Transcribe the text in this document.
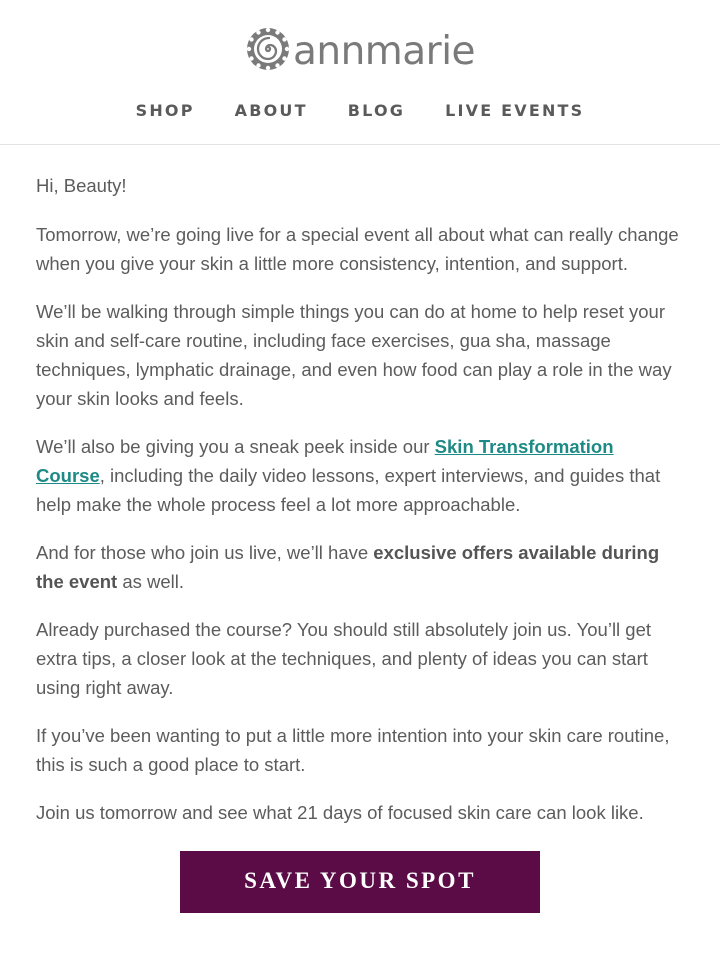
annmarie
SHOP	ABOUT	BLOG	LIVE EVENTS

Hi, Beauty!

Tomorrow, we’re going live for a special event all about what can really change when you give your skin a little more consistency, intention, and support.

We’ll be walking through simple things you can do at home to help reset your skin and self-care routine, including face exercises, gua sha, massage techniques, lymphatic drainage, and even how food can play a role in the way your skin looks and feels.

We’ll also be giving you a sneak peek inside our Skin Transformation Course, including the daily video lessons, expert interviews, and guides that help make the whole process feel a lot more approachable.

And for those who join us live, we’ll have exclusive offers available during the event as well.

Already purchased the course? You should still absolutely join us. You’ll get extra tips, a closer look at the techniques, and plenty of ideas you can start using right away.

If you’ve been wanting to put a little more intention into your skin care routine, this is such a good place to start.

Join us tomorrow and see what 21 days of focused skin care can look like.

SAVE YOUR SPOT
